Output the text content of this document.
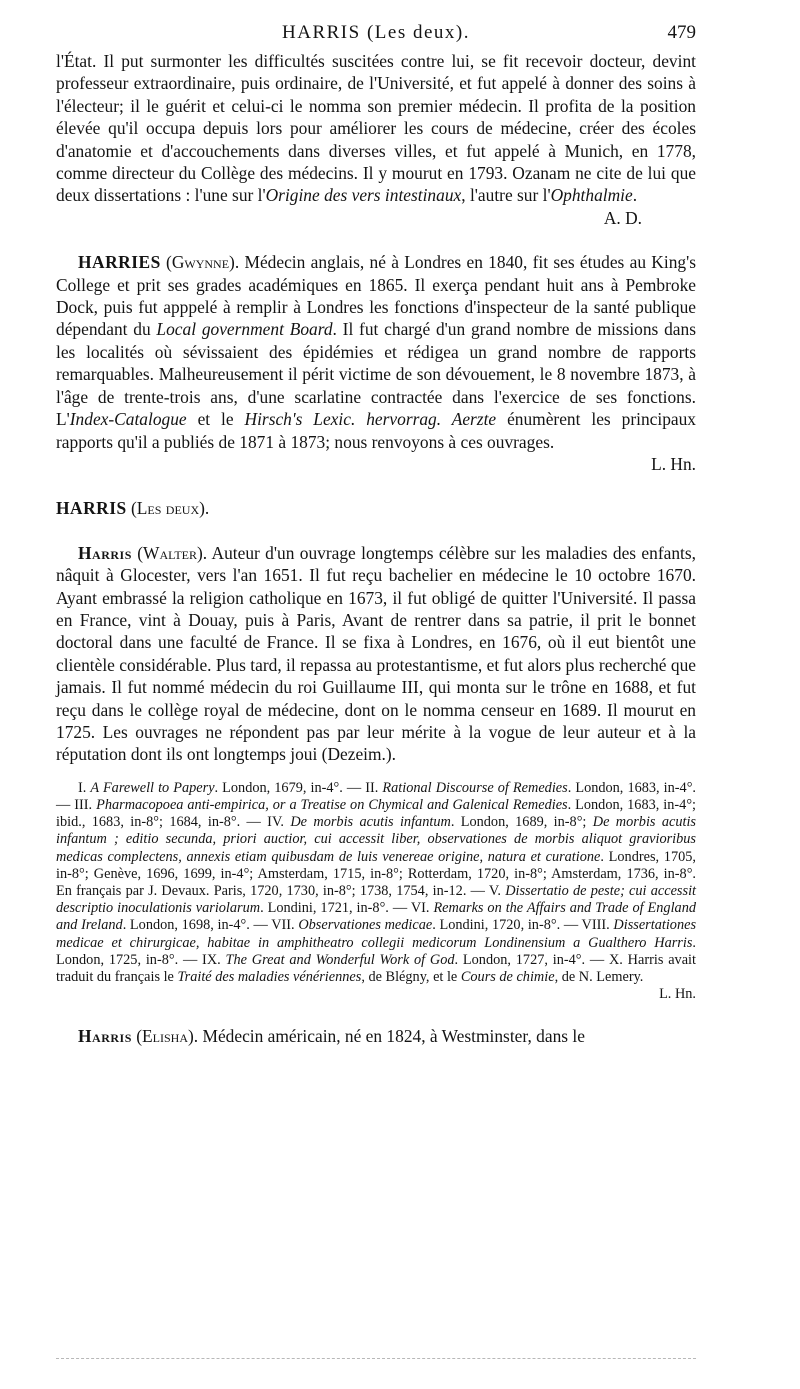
HARRIS (Les deux).	479

l'État. Il put surmonter les difficultés suscitées contre lui, se fit recevoir docteur, devint professeur extraordinaire, puis ordinaire, de l'Université, et fut appelé à donner des soins à l'électeur; il le guérit et celui-ci le nomma son premier médecin. Il profita de la position élevée qu'il occupa depuis lors pour améliorer les cours de médecine, créer des écoles d'anatomie et d'accouchements dans diverses villes, et fut appelé à Munich, en 1778, comme directeur du Collège des médecins. Il y mourut en 1793. Ozanam ne cite de lui que deux dissertations : l'une sur l'Origine des vers intestinaux, l'autre sur l'Ophthalmie.

A. D.

HARRIES (Gwynne). Médecin anglais, né à Londres en 1840, fit ses études au King's College et prit ses grades académiques en 1865. Il exerça pendant huit ans à Pembroke Dock, puis fut apppelé à remplir à Londres les fonctions d'inspecteur de la santé publique dépendant du Local government Board. Il fut chargé d'un grand nombre de missions dans les localités où sévissaient des épidémies et rédigea un grand nombre de rapports remarquables. Malheureusement il périt victime de son dévouement, le 8 novembre 1873, à l'âge de trente-trois ans, d'une scarlatine contractée dans l'exercice de ses fonctions. L'Index-Catalogue et le Hirsch's Lexic. hervorrag. Aerzte énumèrent les principaux rapports qu'il a publiés de 1871 à 1873; nous renvoyons à ces ouvrages.

L. Hn.

HARRIS (Les deux).

Harris (Walter). Auteur d'un ouvrage longtemps célèbre sur les maladies des enfants, nâquit à Glocester, vers l'an 1651. Il fut reçu bachelier en médecine le 10 octobre 1670. Ayant embrassé la religion catholique en 1673, il fut obligé de quitter l'Université. Il passa en France, vint à Douay, puis à Paris, Avant de rentrer dans sa patrie, il prit le bonnet doctoral dans une faculté de France. Il se fixa à Londres, en 1676, où il eut bientôt une clientèle considérable. Plus tard, il repassa au protestantisme, et fut alors plus recherché que jamais. Il fut nommé médecin du roi Guillaume III, qui monta sur le trône en 1688, et fut reçu dans le collège royal de médecine, dont on le nomma censeur en 1689. Il mourut en 1725. Les ouvrages ne répondent pas par leur mérite à la vogue de leur auteur et à la réputation dont ils ont longtemps joui (Dezeim.).

I. A Farewell to Papery. London, 1679, in-4°. — II. Rational Discourse of Remedies. London, 1683, in-4°. — III. Pharmacopoea anti-empirica, or a Treatise on Chymical and Galenical Remedies. London, 1683, in-4°; ibid., 1683, in-8°; 1684, in-8°. — IV. De morbis acutis infantum. London, 1689, in-8°; De morbis acutis infantum ; editio secunda, priori auctior, cui accessit liber, observationes de morbis aliquot gravioribus medicas complectens, annexis etiam quibusdam de luis venereae origine, natura et curatione. Londres, 1705, in-8°; Genève, 1696, 1699, in-4°; Amsterdam, 1715, in-8°; Rotterdam, 1720, in-8°; Amsterdam, 1736, in-8°. En français par J. Devaux. Paris, 1720, 1730, in-8°; 1738, 1754, in-12. — V. Dissertatio de peste; cui accessit descriptio inoculationis variolarum. Londini, 1721, in-8°. — VI. Remarks on the Affairs and Trade of England and Ireland. London, 1698, in-4°. — VII. Observationes medicae. Londini, 1720, in-8°. — VIII. Dissertationes medicae et chirurgicae, habitae in amphitheatro collegii medicorum Londinensium a Gualthero Harris. London, 1725, in-8°. — IX. The Great and Wonderful Work of God. London, 1727, in-4°. — X. Harris avait traduit du français le Traité des maladies vénériennes, de Blégny, et le Cours de chimie, de N. Lemery.

L. Hn.

Harris (Elisha). Médecin américain, né en 1824, à Westminster, dans le
